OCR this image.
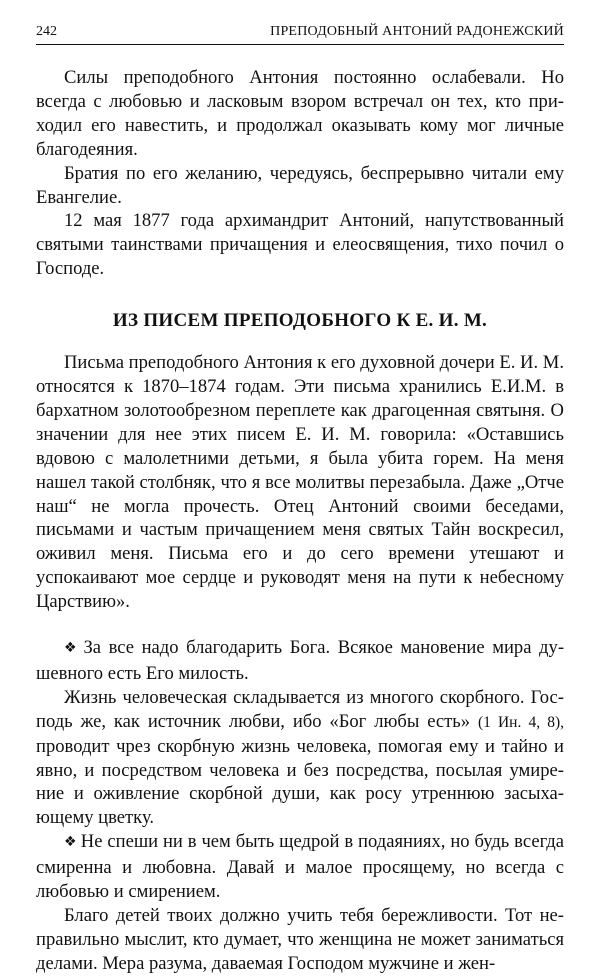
242	ПРЕПОДОБНЫЙ АНТОНИЙ РАДОНЕЖСКИЙ

Силы преподобного Антония постоянно ослабевали. Но всегда с любовью и ласковым взором встречал он тех, кто приходил его навестить, и продолжал оказывать кому мог личные благодеяния.

Братия по его желанию, чередуясь, беспрерывно читали ему Евангелие.

12 мая 1877 года архимандрит Антоний, напутствованный святыми таинствами причащения и елеосвящения, тихо почил о Господе.

ИЗ ПИСЕМ ПРЕПОДОБНОГО К Е. И. М.

Письма преподобного Антония к его духовной дочери Е. И. М. относятся к 1870–1874 годам. Эти письма хранились Е.И.М. в бархатном золотообрезном переплете как драгоценная святыня. О значении для нее этих писем Е. И. М. говорила: «Оставшись вдовою с малолетними детьми, я была убита горем. На меня нашел такой столбняк, что я все молитвы перезабыла. Даже „Отче наш“ не могла прочесть. Отец Антоний своими беседами, письмами и частым причащением меня святых Тайн воскресил, оживил меня. Письма его и до сего времени утешают и успокаивают мое сердце и руководят меня на пути к небесному Царствию».

❖ За все надо благодарить Бога. Всякое мановение мира душевного есть Его милость.

Жизнь человеческая складывается из многого скорбного. Господь же, как источник любви, ибо «Бог любы есть» (1 Ин. 4, 8), проводит чрез скорбную жизнь человека, помогая ему и тайно и явно, и посредством человека и без посредства, посылая умирение и оживление скорбной души, как росу утреннюю засыхающему цветку.

❖ Не спеши ни в чем быть щедрой в подаяниях, но будь всегда смиренна и любовна. Давай и малое просящему, но всегда с любовью и смирением.

Благо детей твоих должно учить тебя бережливости. Тот неправильно мыслит, кто думает, что женщина не может заниматься делами. Мера разума, даваемая Господом мужчине и жен-
